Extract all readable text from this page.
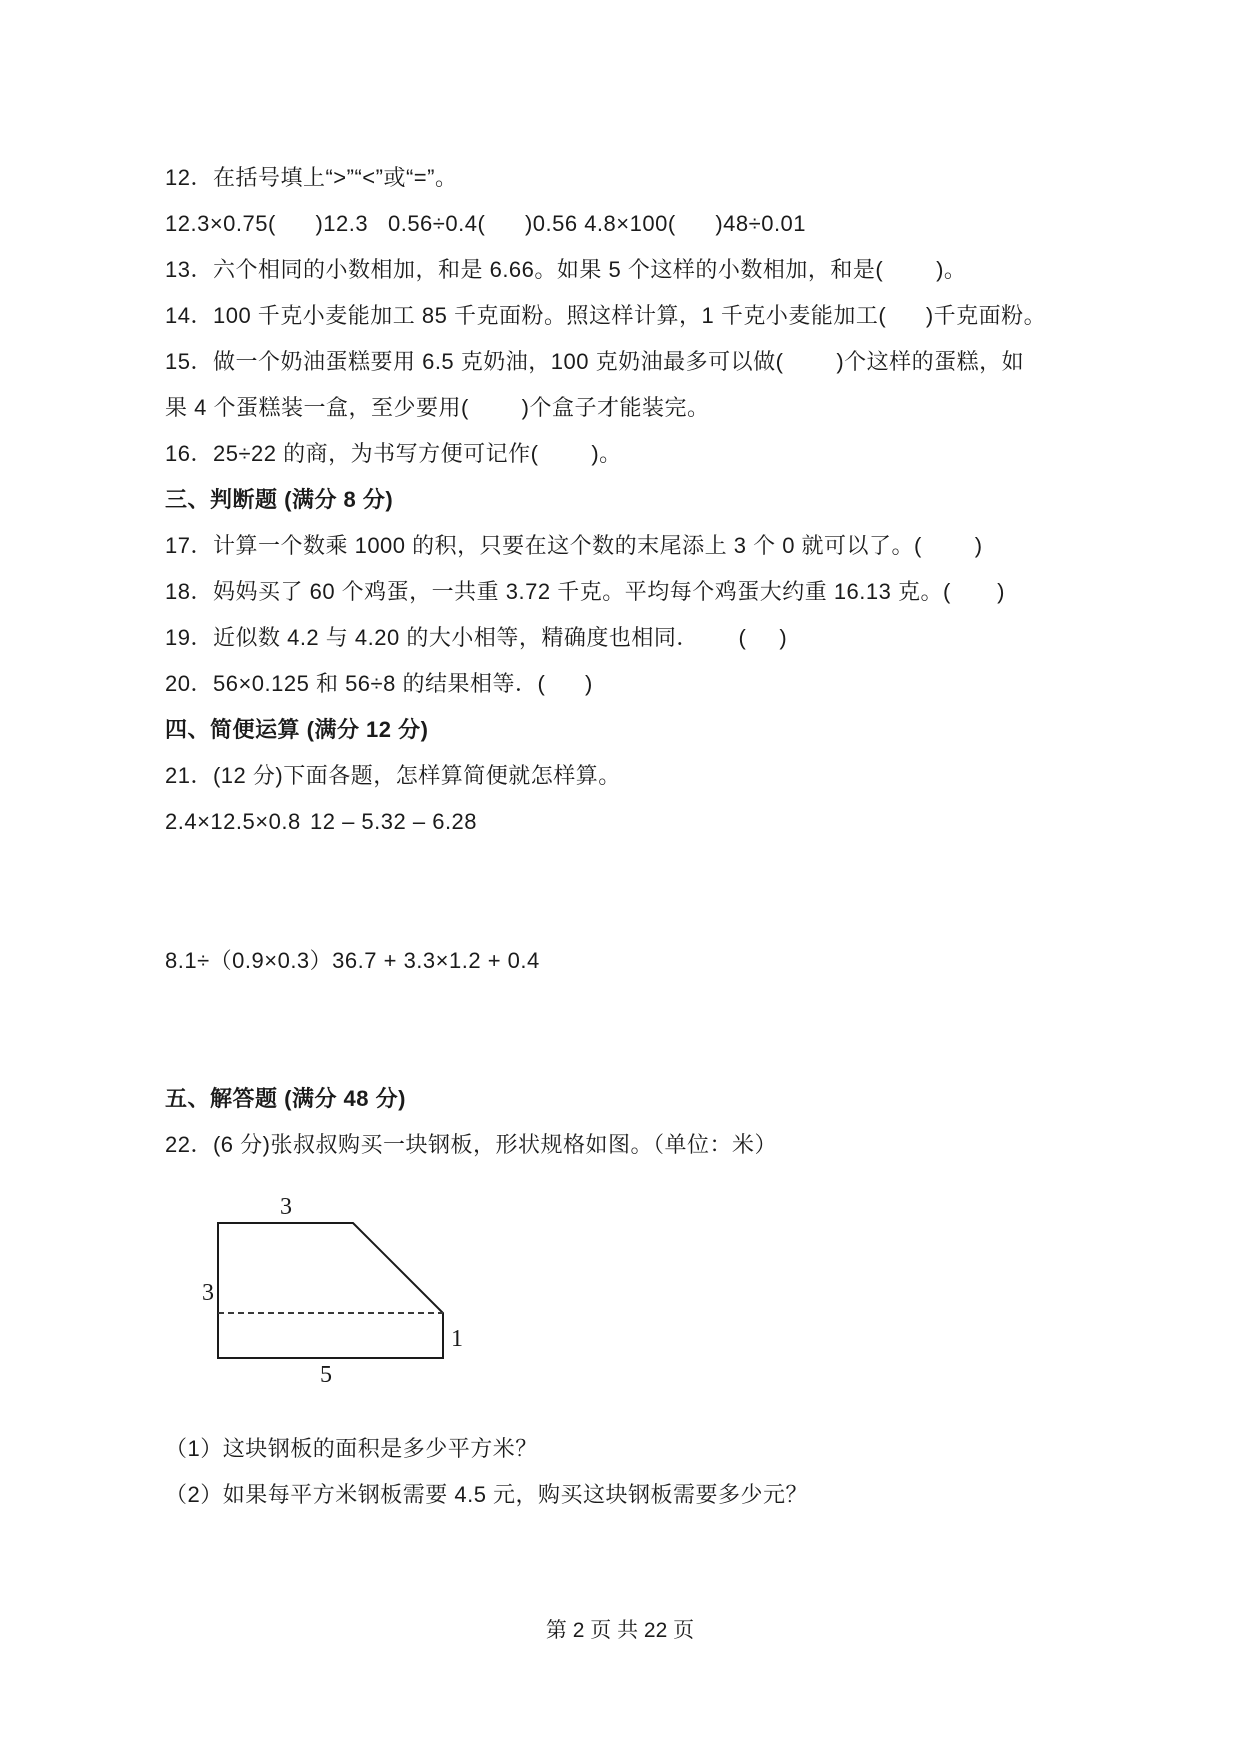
12．在括号填上“>”“<”或“=”。
12.3×0.75(      )12.3   0.56÷0.4(      )0.56 4.8×100(      )48÷0.01
13．六个相同的小数相加，和是 6.66。如果 5 个这样的小数相加，和是(        )。
14．100 千克小麦能加工 85 千克面粉。照这样计算，1 千克小麦能加工(      )千克面粉。
15．做一个奶油蛋糕要用 6.5 克奶油，100 克奶油最多可以做(        )个这样的蛋糕，如
果 4 个蛋糕装一盒，至少要用(        )个盒子才能装完。
16．25÷22 的商，为书写方便可记作(        )。
三、判断题 (满分 8 分)
17．计算一个数乘 1000 的积，只要在这个数的末尾添上 3 个 0 就可以了。(        )
18．妈妈买了 60 个鸡蛋，一共重 3.72 千克。平均每个鸡蛋大约重 16.13 克。(       )
19．近似数 4.2 与 4.20 的大小相等，精确度也相同．      (     )
20．56×0.125 和 56÷8 的结果相等．(      )
四、简便运算 (满分 12 分)
21．(12 分)下面各题，怎样算简便就怎样算。
2.4×12.5×0.8 12 – 5.32 – 6.28
8.1÷（0.9×0.3）36.7 + 3.3×1.2 + 0.4
五、解答题 (满分 48 分)
22．(6 分)张叔叔购买一块钢板，形状规格如图。（单位：米）
3
3
1
5
（1）这块钢板的面积是多少平方米？
（2）如果每平方米钢板需要 4.5 元，购买这块钢板需要多少元？
第 2 页 共 22 页
